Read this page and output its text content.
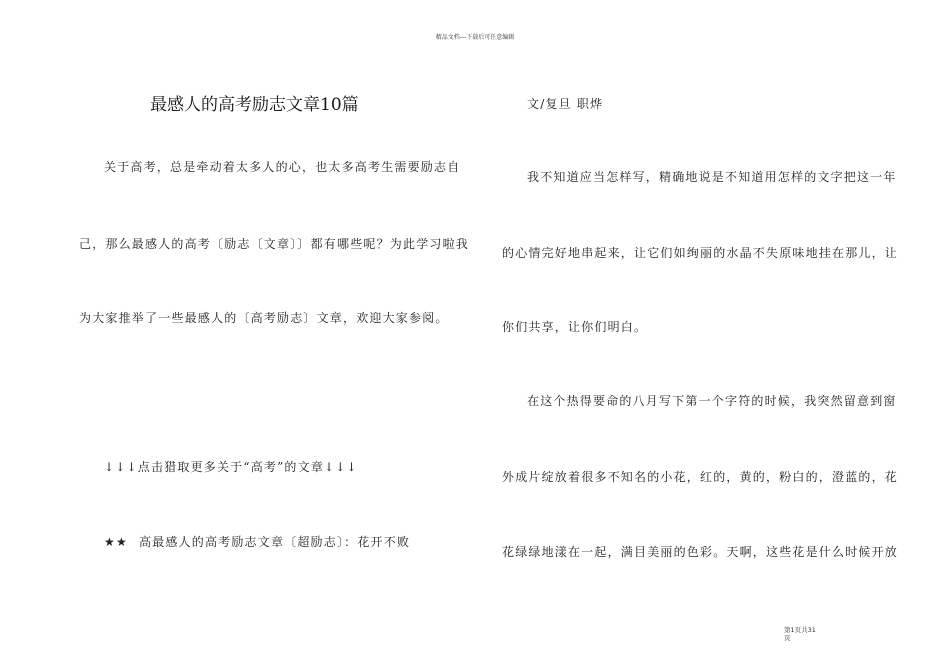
精品文档---下载后可任意编辑
最感人的高考励志文章10篇
关于高考，总是牵动着太多人的心，也太多高考生需要励志自
己，那么最感人的高考〔励志〔文章〕〕都有哪些呢？为此学习啦我
为大家推举了一些最感人的〔高考励志〕文章，欢迎大家参阅。
↓↓↓点击猎取更多关于“高考”的文章↓↓↓
★★ 高最感人的高考励志文章〔超励志〕：花开不败
文/复旦 职烨
我不知道应当怎样写，精确地说是不知道用怎样的文字把这一年
的心情完好地串起来，让它们如绚丽的水晶不失原味地挂在那儿，让
你们共享，让你们明白。
在这个热得要命的八月写下第一个字符的时候，我突然留意到窗
外成片绽放着很多不知名的小花，红的，黄的，粉白的，澄蓝的，花
花绿绿地漾在一起，满目美丽的色彩。天啊，这些花是什么时候开放
第1页共31
页
